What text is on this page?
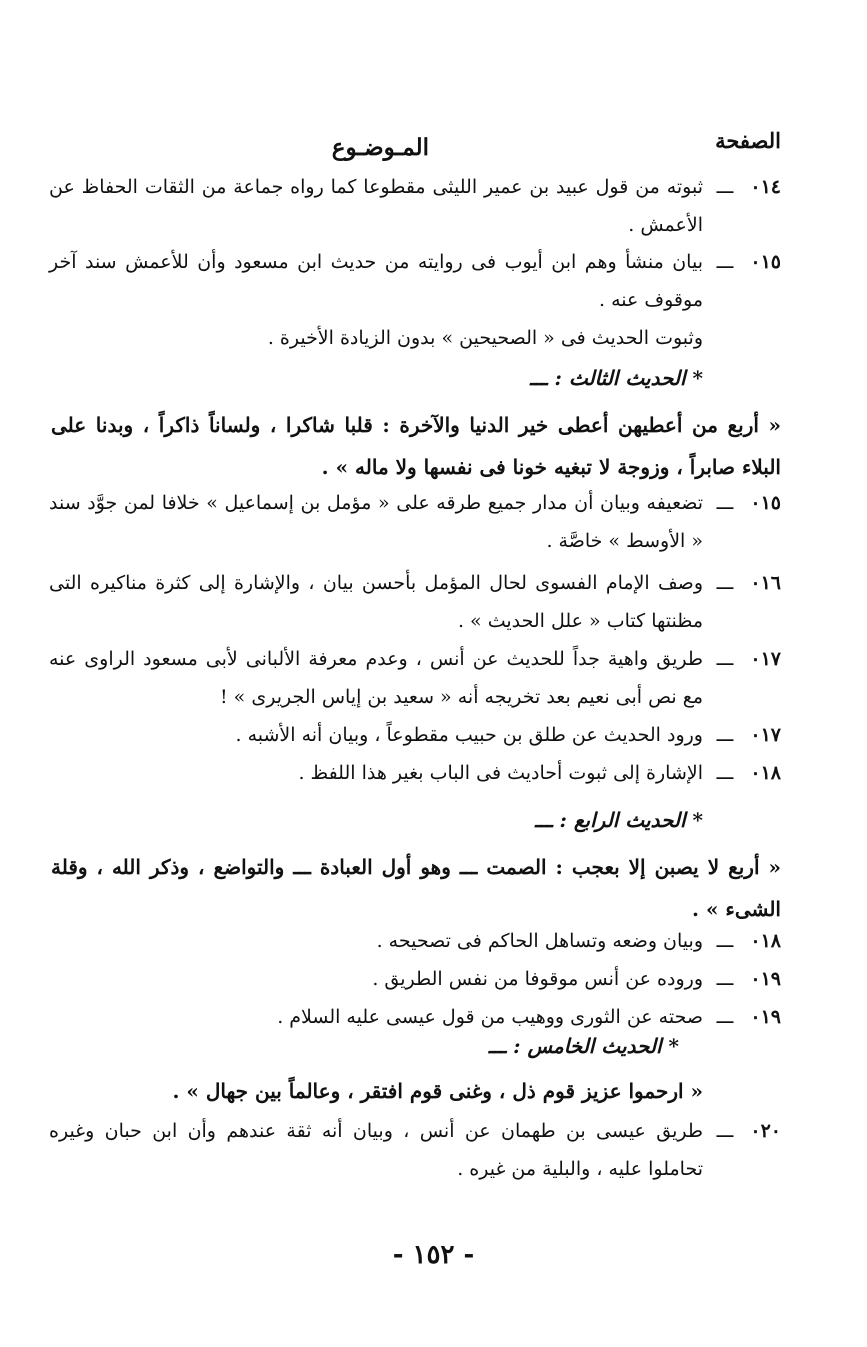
الصفحة
المـوضـوع
٠١٤
ـــ
ثبوته من قول عبيد بن عمير الليثى مقطوعا كما رواه جماعة من الثقات الحفاظ عن الأعمش .
٠١٥
ـــ
بيان منشأ وهم ابن أيوب فى روايته من حديث ابن مسعود وأن للأعمش سند آخر موقوف عنه .
وثبوت الحديث فى « الصحيحين » بدون الزيادة الأخيرة .
* الحديث الثالث : ـــ
« أربع من أعطيهن أعطى خير الدنيا والآخرة : قلبا شاكرا ، ولساناً ذاكراً ، وبدنا على البلاء صابراً ، وزوجة لا تبغيه خونا فى نفسها ولا ماله » .
٠١٥
ـــ
تضعيفه وبيان أن مدار جميع طرقه على « مؤمل بن إسماعيل » خلافا لمن جوَّد سند « الأوسط » خاصَّة .
٠١٦
ـــ
وصف الإمام الفسوى لحال المؤمل بأحسن بيان ، والإشارة إلى كثرة مناكيره التى مظنتها كتاب « علل الحديث » .
٠١٧
ـــ
طريق واهية جداً للحديث عن أنس ، وعدم معرفة الألبانى لأبى مسعود الراوى عنه مع نص أبى نعيم بعد تخريجه أنه « سعيد بن إياس الجريرى » !
٠١٧
ـــ
ورود الحديث عن طلق بن حبيب مقطوعاً ، وبيان أنه الأشبه .
٠١٨
ـــ
الإشارة إلى ثبوت أحاديث فى الباب بغير هذا اللفظ .
* الحديث الرابع : ـــ
« أربع لا يصبن إلا بعجب : الصمت ـــ وهو أول العبادة ـــ والتواضع ، وذكر الله ، وقلة الشىء » .
٠١٨
ـــ
وبيان وضعه وتساهل الحاكم فى تصحيحه .
٠١٩
ـــ
وروده عن أنس موقوفا من نفس الطريق .
٠١٩
ـــ
صحته عن الثورى ووهيب من قول عيسى عليه السلام .
* الحديث الخامس : ـــ
« ارحموا عزيز قوم ذل ، وغنى قوم افتقر ، وعالماً بين جهال » .
٠٢٠
ـــ
طريق عيسى بن طهمان عن أنس ، وبيان أنه ثقة عندهم وأن ابن حبان وغيره تحاملوا عليه ، والبلية من غيره .
- ١٥٢ -
